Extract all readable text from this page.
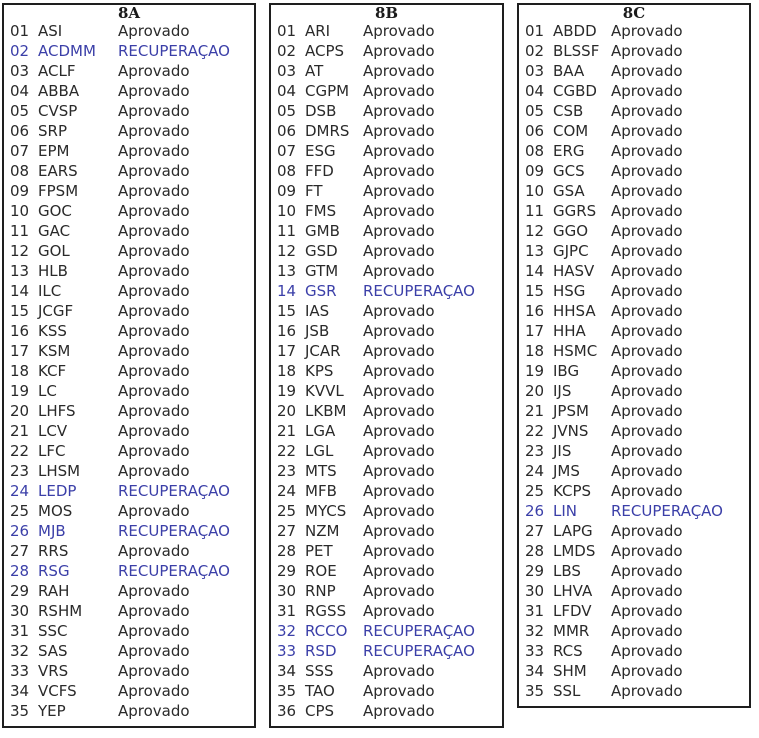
8A
01 ASI	Aprovado
02 ACDMM	RECUPERAÇAO
03 ACLF	Aprovado
04 ABBA	Aprovado
05 CVSP	Aprovado
06 SRP	Aprovado
07 EPM	Aprovado
08 EARS	Aprovado
09 FPSM	Aprovado
10 GOC	Aprovado
11 GAC	Aprovado
12 GOL	Aprovado
13 HLB	Aprovado
14 ILC	Aprovado
15 JCGF	Aprovado
16 KSS	Aprovado
17 KSM	Aprovado
18 KCF	Aprovado
19 LC	Aprovado
20 LHFS	Aprovado
21 LCV	Aprovado
22 LFC	Aprovado
23 LHSM	Aprovado
24 LEDP	RECUPERAÇAO
25 MOS	Aprovado
26 MJB	RECUPERAÇAO
27 RRS	Aprovado
28 RSG	RECUPERAÇAO
29 RAH	Aprovado
30 RSHM	Aprovado
31 SSC	Aprovado
32 SAS	Aprovado
33 VRS	Aprovado
34 VCFS	Aprovado
35 YEP	Aprovado
8B
01 ARI	Aprovado
02 ACPS	Aprovado
03 AT	Aprovado
04 CGPM Aprovado
05 DSB	Aprovado
06 DMRS Aprovado
07 ESG	Aprovado
08 FFD	Aprovado
09 FT	Aprovado
10 FMS	Aprovado
11 GMB	Aprovado
12 GSD	Aprovado
13 GTM	Aprovado
14 GSR	RECUPERAÇAO
15 IAS	Aprovado
16 JSB	Aprovado
17 JCAR	Aprovado
18 KPS	Aprovado
19 KVVL	Aprovado
20 LKBM	Aprovado
21 LGA	Aprovado
22 LGL	Aprovado
23 MTS	Aprovado
24 MFB	Aprovado
25 MYCS	Aprovado
27 NZM	Aprovado
28 PET	Aprovado
29 ROE	Aprovado
30 RNP	Aprovado
31 RGSS	Aprovado
32 RCCO	RECUPERAÇAO
33 RSD	RECUPERAÇAO
34 SSS	Aprovado
35 TAO	Aprovado
36 CPS	Aprovado
8C
01 ABDD Aprovado
02 BLSSF Aprovado
03 BAA	Aprovado
04 CGBD Aprovado
05 CSB	Aprovado
06 COM	Aprovado
08 ERG	Aprovado
09 GCS	Aprovado
10 GSA	Aprovado
11 GGRS Aprovado
12 GGO	Aprovado
13 GJPC	Aprovado
14 HASV	Aprovado
15 HSG	Aprovado
16 HHSA	Aprovado
17 HHA	Aprovado
18 HSMC Aprovado
19 IBG	Aprovado
20 IJS	Aprovado
21 JPSM	Aprovado
22 JVNS	Aprovado
23 JIS	Aprovado
24 JMS	Aprovado
25 KCPS	Aprovado
26 LIN	RECUPERAÇAO
27 LAPG	Aprovado
28 LMDS	Aprovado
29 LBS	Aprovado
30 LHVA	Aprovado
31 LFDV	Aprovado
32 MMR	Aprovado
33 RCS	Aprovado
34 SHM	Aprovado
35 SSL	Aprovado
